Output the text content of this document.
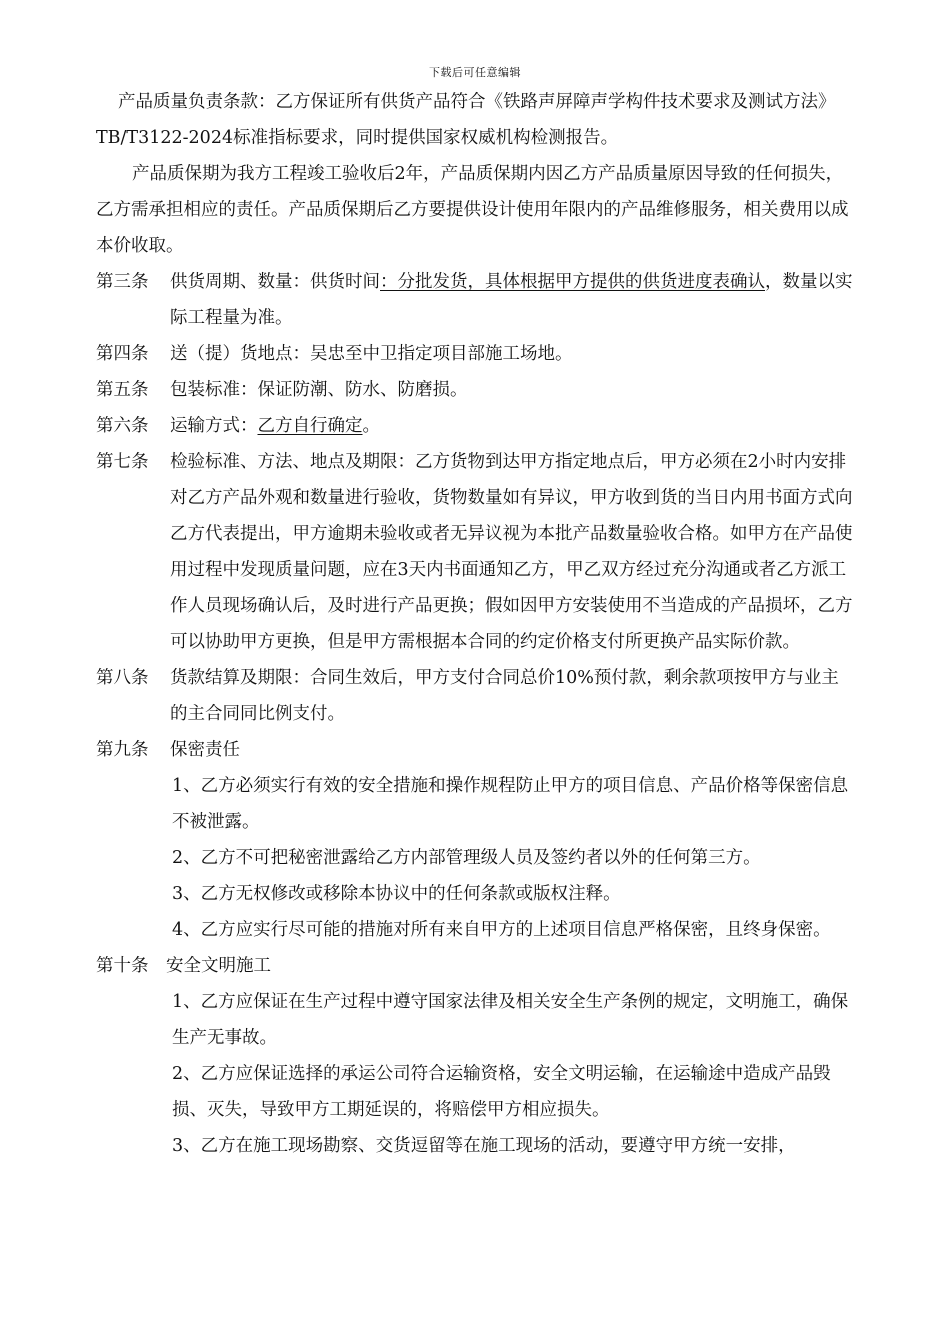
下载后可任意编辑

产品质量负责条款：乙方保证所有供货产品符合《铁路声屏障声学构件技术要求及测试方法》TB/T3122-2024标准指标要求，同时提供国家权威机构检测报告。

产品质保期为我方工程竣工验收后2年，产品质保期内因乙方产品质量原因导致的任何损失，乙方需承担相应的责任。产品质保期后乙方要提供设计使用年限内的产品维修服务，相关费用以成本价收取。

第三条	供货周期、数量：供货时间：分批发货，具体根据甲方提供的供货进度表确认，数量以实际工程量为准。
第四条	送（提）货地点：吴忠至中卫指定项目部施工场地。
第五条	包装标准：保证防潮、防水、防磨损。
第六条	运输方式：乙方自行确定。
第七条	检验标准、方法、地点及期限：乙方货物到达甲方指定地点后，甲方必须在2小时内安排对乙方产品外观和数量进行验收，货物数量如有异议，甲方收到货的当日内用书面方式向乙方代表提出，甲方逾期未验收或者无异议视为本批产品数量验收合格。如甲方在产品使用过程中发现质量问题，应在3天内书面通知乙方，甲乙双方经过充分沟通或者乙方派工作人员现场确认后，及时进行产品更换；假如因甲方安装使用不当造成的产品损坏，乙方可以协助甲方更换，但是甲方需根据本合同的约定价格支付所更换产品实际价款。
第八条	货款结算及期限：合同生效后，甲方支付合同总价10%预付款，剩余款项按甲方与业主的主合同同比例支付。
第九条	保密责任

1、乙方必须实行有效的安全措施和操作规程防止甲方的项目信息、产品价格等保密信息不被泄露。

2、乙方不可把秘密泄露给乙方内部管理级人员及签约者以外的任何第三方。

3、乙方无权修改或移除本协议中的任何条款或版权注释。

4、乙方应实行尽可能的措施对所有来自甲方的上述项目信息严格保密，且终身保密。

第十条	安全文明施工

1、乙方应保证在生产过程中遵守国家法律及相关安全生产条例的规定，文明施工，确保生产无事故。

2、乙方应保证选择的承运公司符合运输资格，安全文明运输，在运输途中造成产品毁损、灭失，导致甲方工期延误的，将赔偿甲方相应损失。

3、乙方在施工现场勘察、交货逗留等在施工现场的活动，要遵守甲方统一安排，
